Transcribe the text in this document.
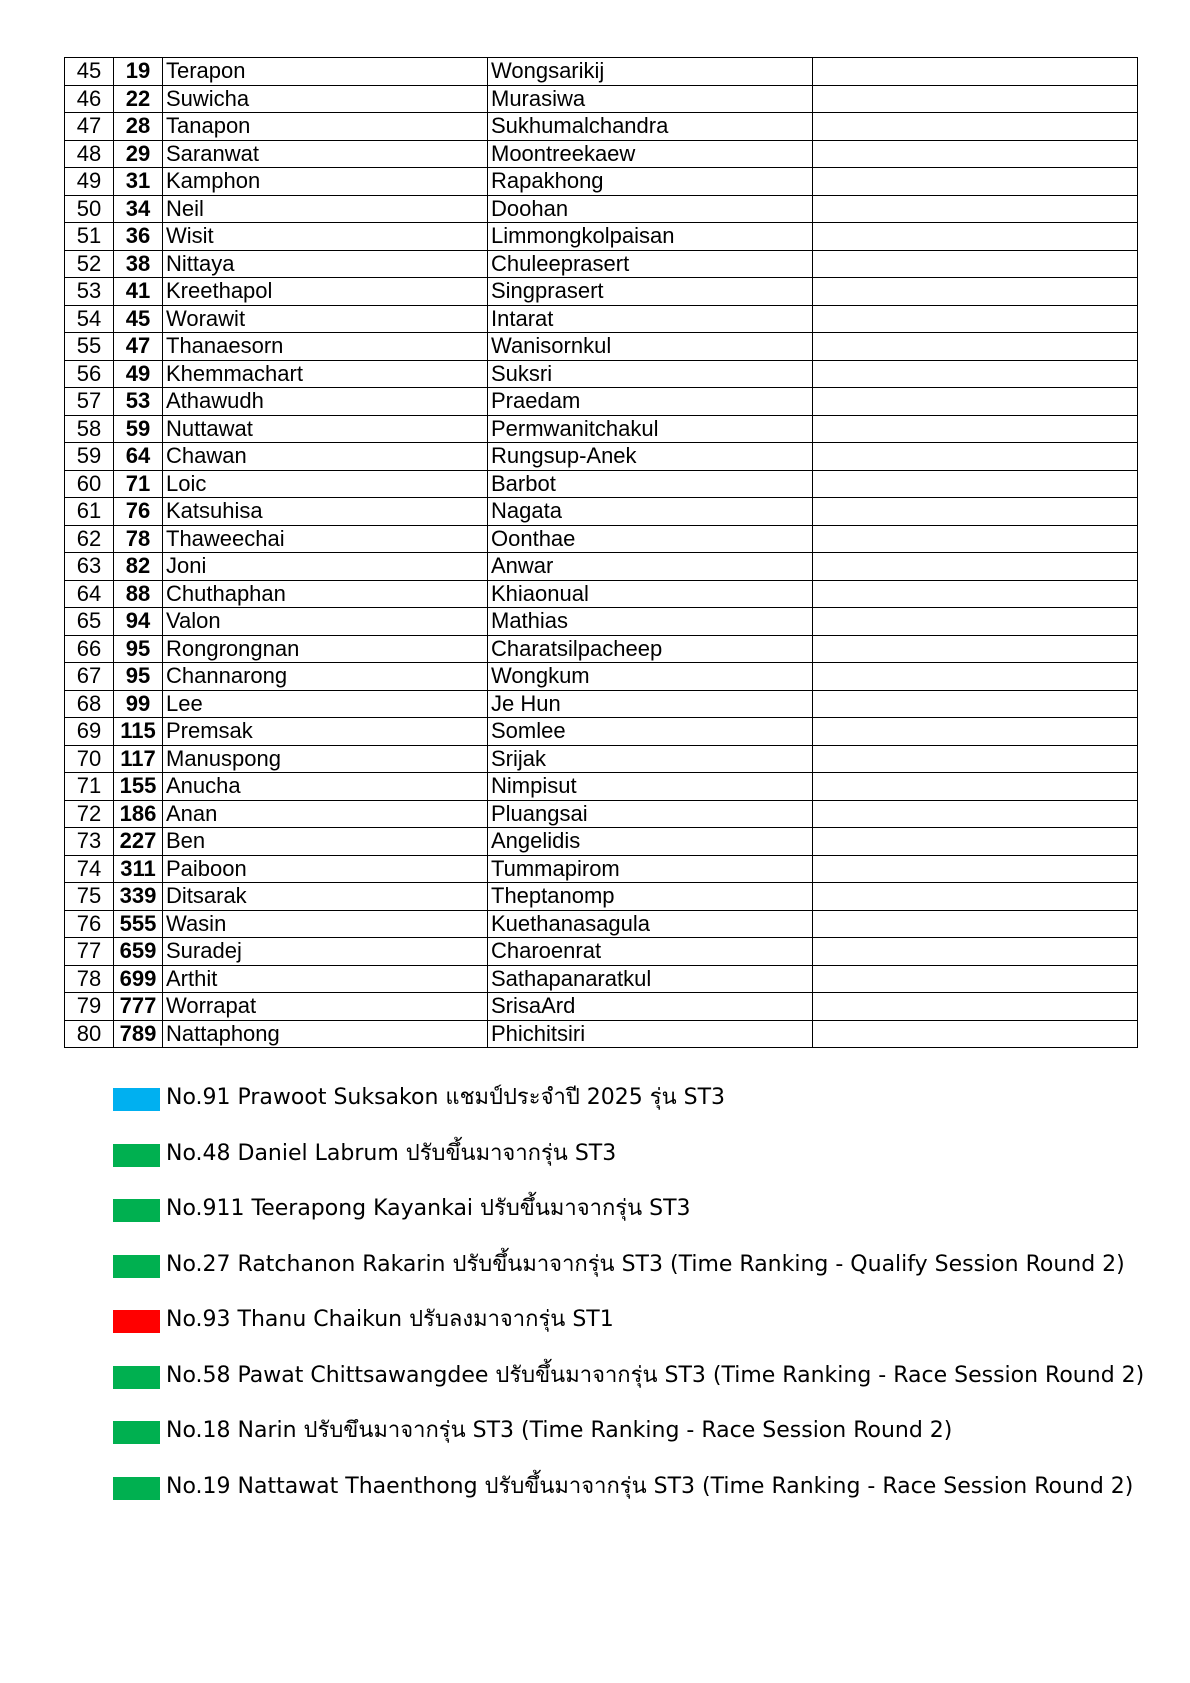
45	19	Terapon	Wongsarikij	
46	22	Suwicha	Murasiwa	
47	28	Tanapon	Sukhumalchandra	
48	29	Saranwat	Moontreekaew	
49	31	Kamphon	Rapakhong	
50	34	Neil	Doohan	
51	36	Wisit	Limmongkolpaisan	
52	38	Nittaya	Chuleeprasert	
53	41	Kreethapol	Singprasert	
54	45	Worawit	Intarat	
55	47	Thanaesorn	Wanisornkul	
56	49	Khemmachart	Suksri	
57	53	Athawudh	Praedam	
58	59	Nuttawat	Permwanitchakul	
59	64	Chawan	Rungsup-Anek	
60	71	Loic	Barbot	
61	76	Katsuhisa	Nagata	
62	78	Thaweechai	Oonthae	
63	82	Joni	Anwar	
64	88	Chuthaphan	Khiaonual	
65	94	Valon	Mathias	
66	95	Rongrongnan	Charatsilpacheep	
67	95	Channarong	Wongkum	
68	99	Lee	Je Hun	
69	115	Premsak	Somlee	
70	117	Manuspong	Srijak	
71	155	Anucha	Nimpisut	
72	186	Anan	Pluangsai	
73	227	Ben	Angelidis	
74	311	Paiboon	Tummapirom	
75	339	Ditsarak	Theptanomp	
76	555	Wasin	Kuethanasagula	
77	659	Suradej	Charoenrat	
78	699	Arthit	Sathapanaratkul	
79	777	Worrapat	SrisaArd	
80	789	Nattaphong	Phichitsiri	
No.91 Prawoot Suksakon แชมป์ประจำปี 2025 รุ่น ST3
No.48 Daniel Labrum ปรับขึ้นมาจากรุ่น ST3
No.911 Teerapong Kayankai ปรับขึ้นมาจากรุ่น ST3
No.27 Ratchanon Rakarin ปรับขึ้นมาจากรุ่น ST3 (Time Ranking - Qualify Session Round 2)
No.93 Thanu Chaikun ปรับลงมาจากรุ่น ST1
No.58 Pawat Chittsawangdee ปรับขึ้นมาจากรุ่น ST3 (Time Ranking - Race Session Round 2)
No.18 Narin ปรับขึนมาจากรุ่น ST3 (Time Ranking - Race Session Round 2)
No.19 Nattawat Thaenthong ปรับขึ้นมาจากรุ่น ST3 (Time Ranking - Race Session Round 2)
